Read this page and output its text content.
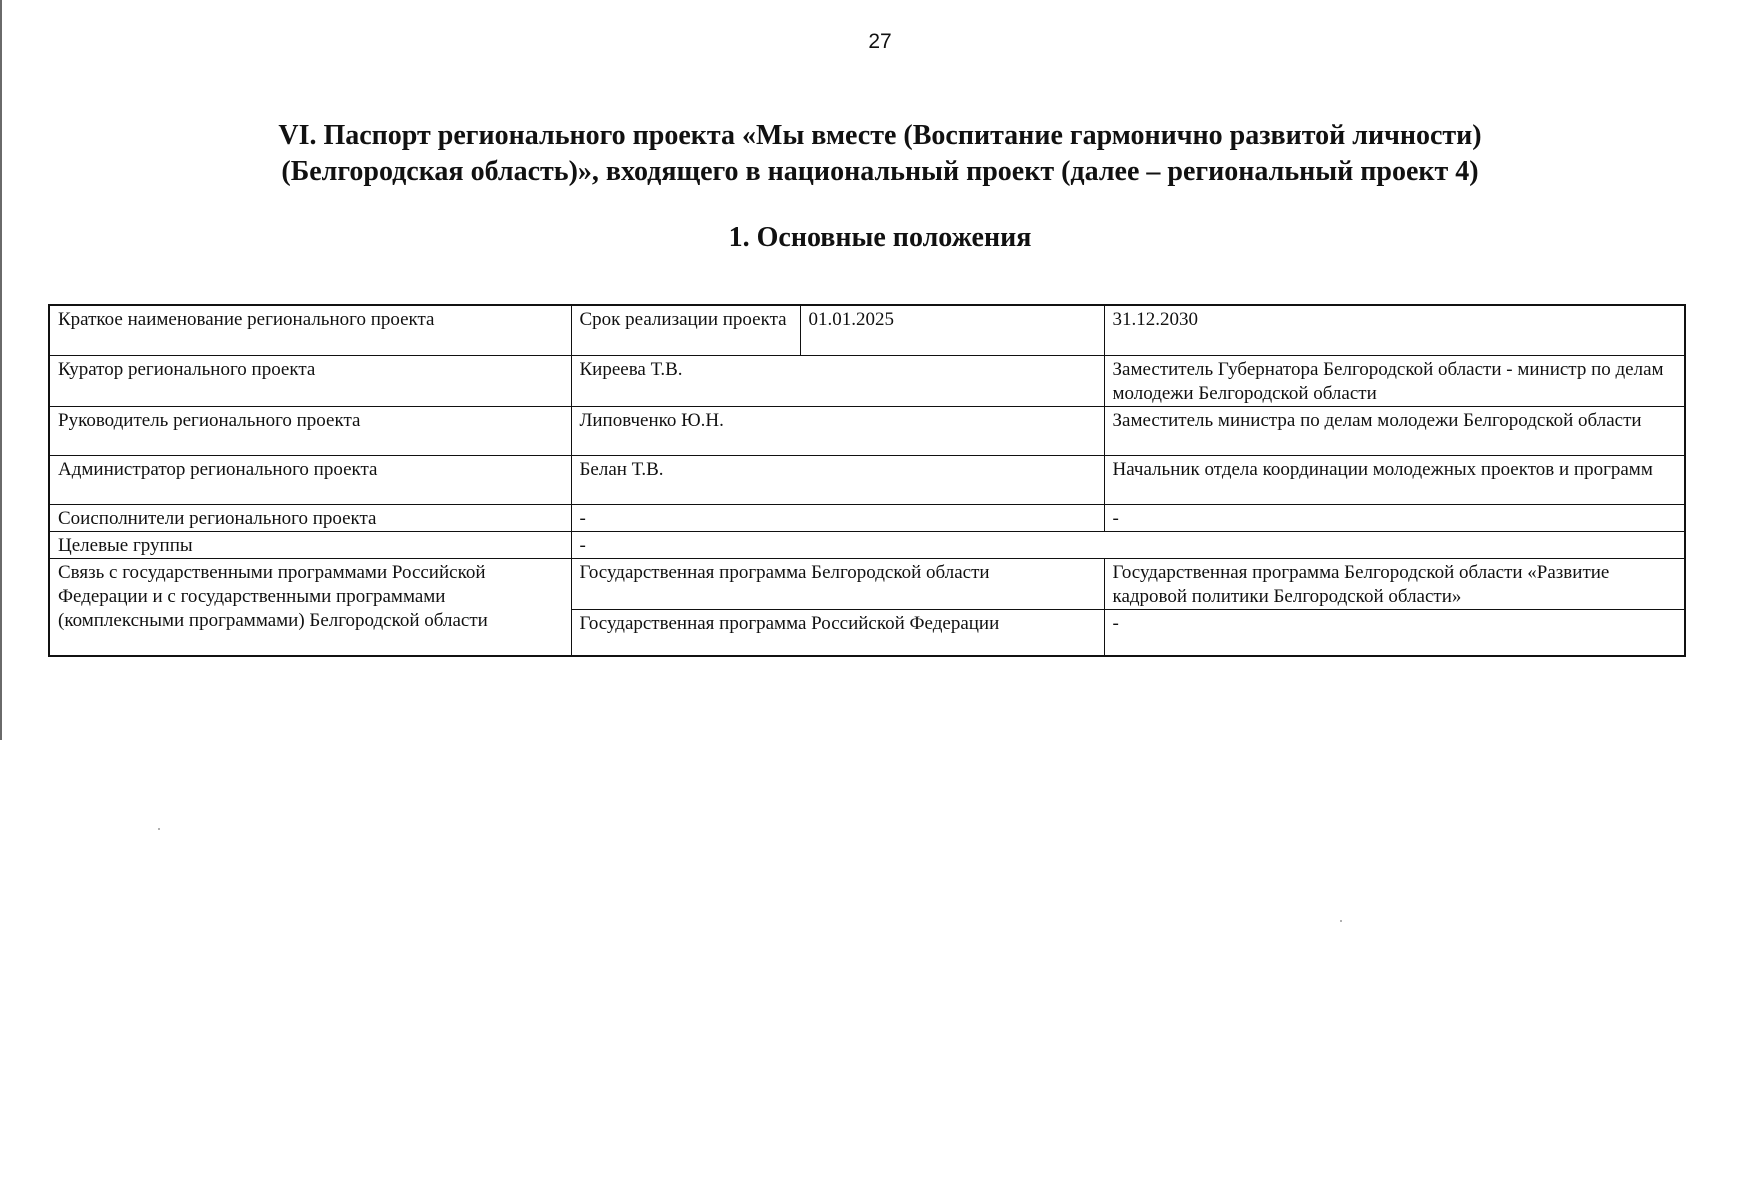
27
VI. Паспорт регионального проекта «Мы вместе (Воспитание гармонично развитой личности)
(Белгородская область)», входящего в национальный проект (далее – региональный проект 4)
1. Основные положения
Краткое наименование регионального проекта	Срок реализации проекта	01.01.2025	31.12.2030
Куратор регионального проекта	Киреева Т.В.		Заместитель Губернатора Белгородской области - министр по делам молодежи Белгородской области
Руководитель регионального проекта	Липовченко Ю.Н.		Заместитель министра по делам молодежи Белгородской области
Администратор регионального проекта	Белан Т.В.		Начальник отдела координации молодежных проектов и программ
Соисполнители регионального проекта	-		-
Целевые группы	-		
Связь с государственными программами Российской Федерации и с государственными программами (комплексными программами) Белгородской области	Государственная программа Белгородской области		Государственная программа Белгородской области «Развитие кадровой политики Белгородской области»
	Государственная программа Российской Федерации		-
